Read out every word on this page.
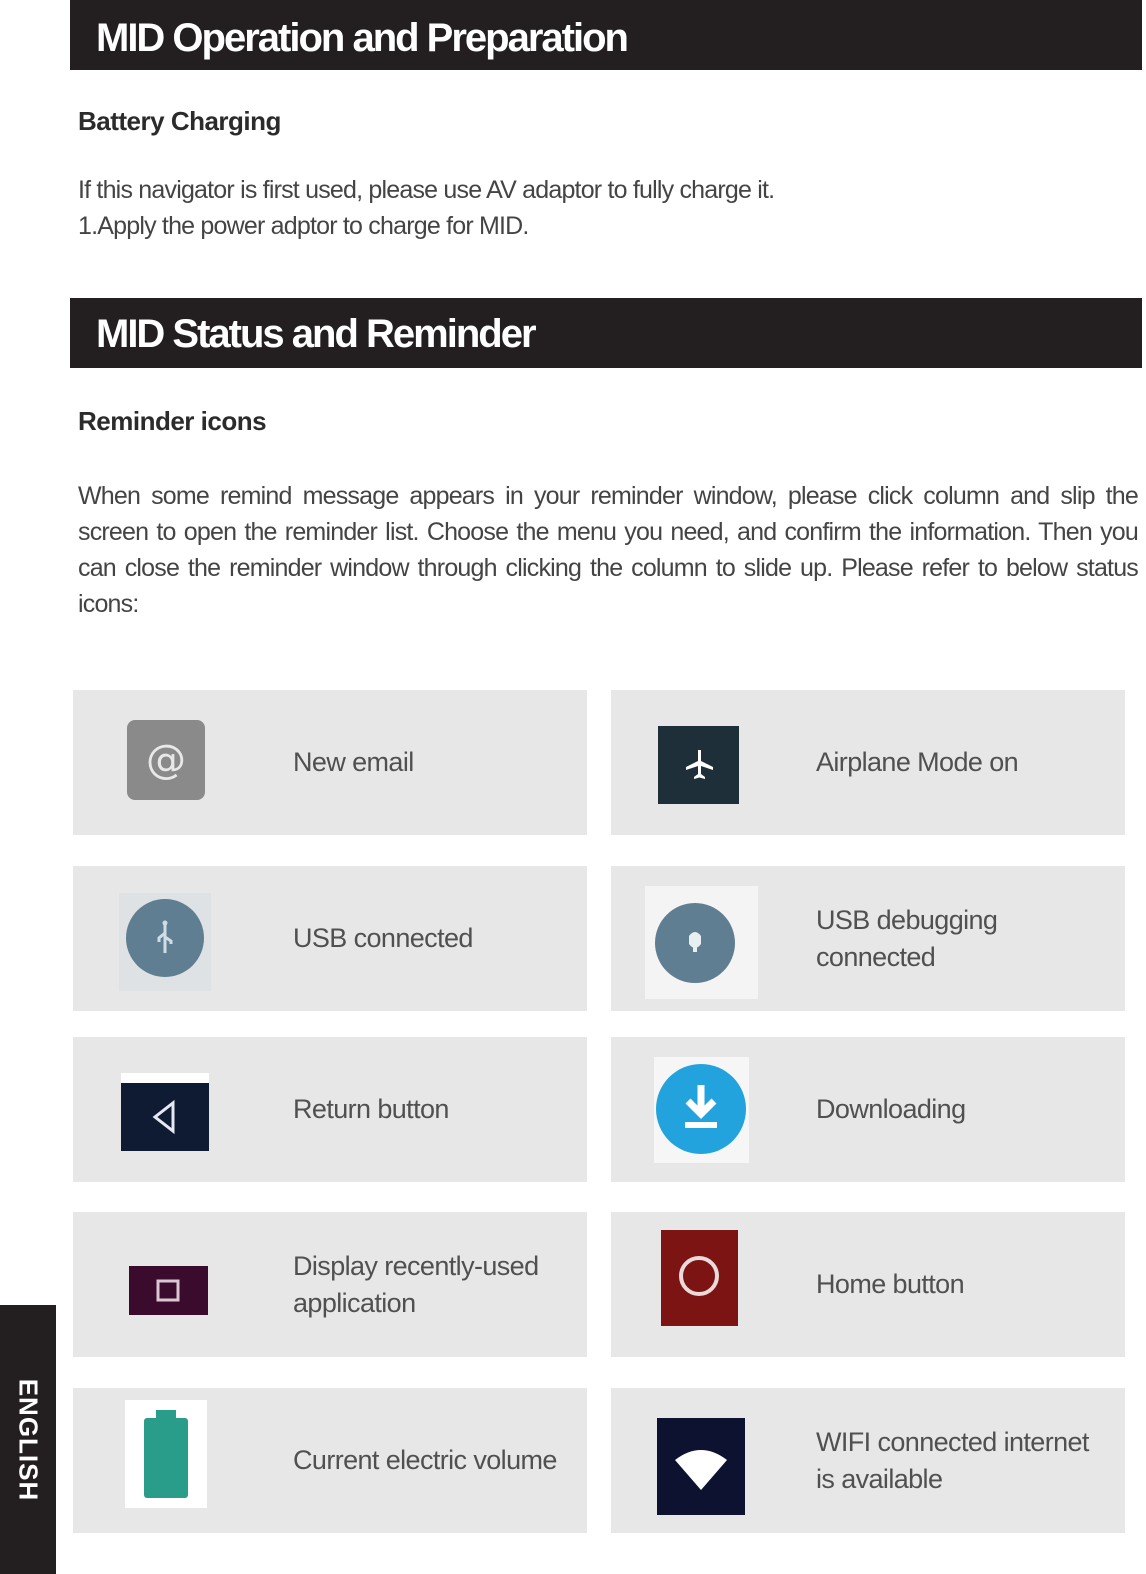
MID Operation and Preparation
Battery Charging
If this navigator is first used, please use AV adaptor to fully charge it.
1.Apply the power adptor to charge for MID.
MID Status and Reminder
Reminder icons
When some remind message appears in your reminder window, please click column and slip the screen to open the reminder list. Choose the menu you need, and confirm the information. Then you can close the reminder window through clicking the column to slide up. Please refer to below status icons:
@	New email	Airplane Mode on
USB connected
USB debugging connected
Return button	Downloading
Display recently-used application
Home button
Current electric volume
WIFI connected internet is available
ENGLISH
